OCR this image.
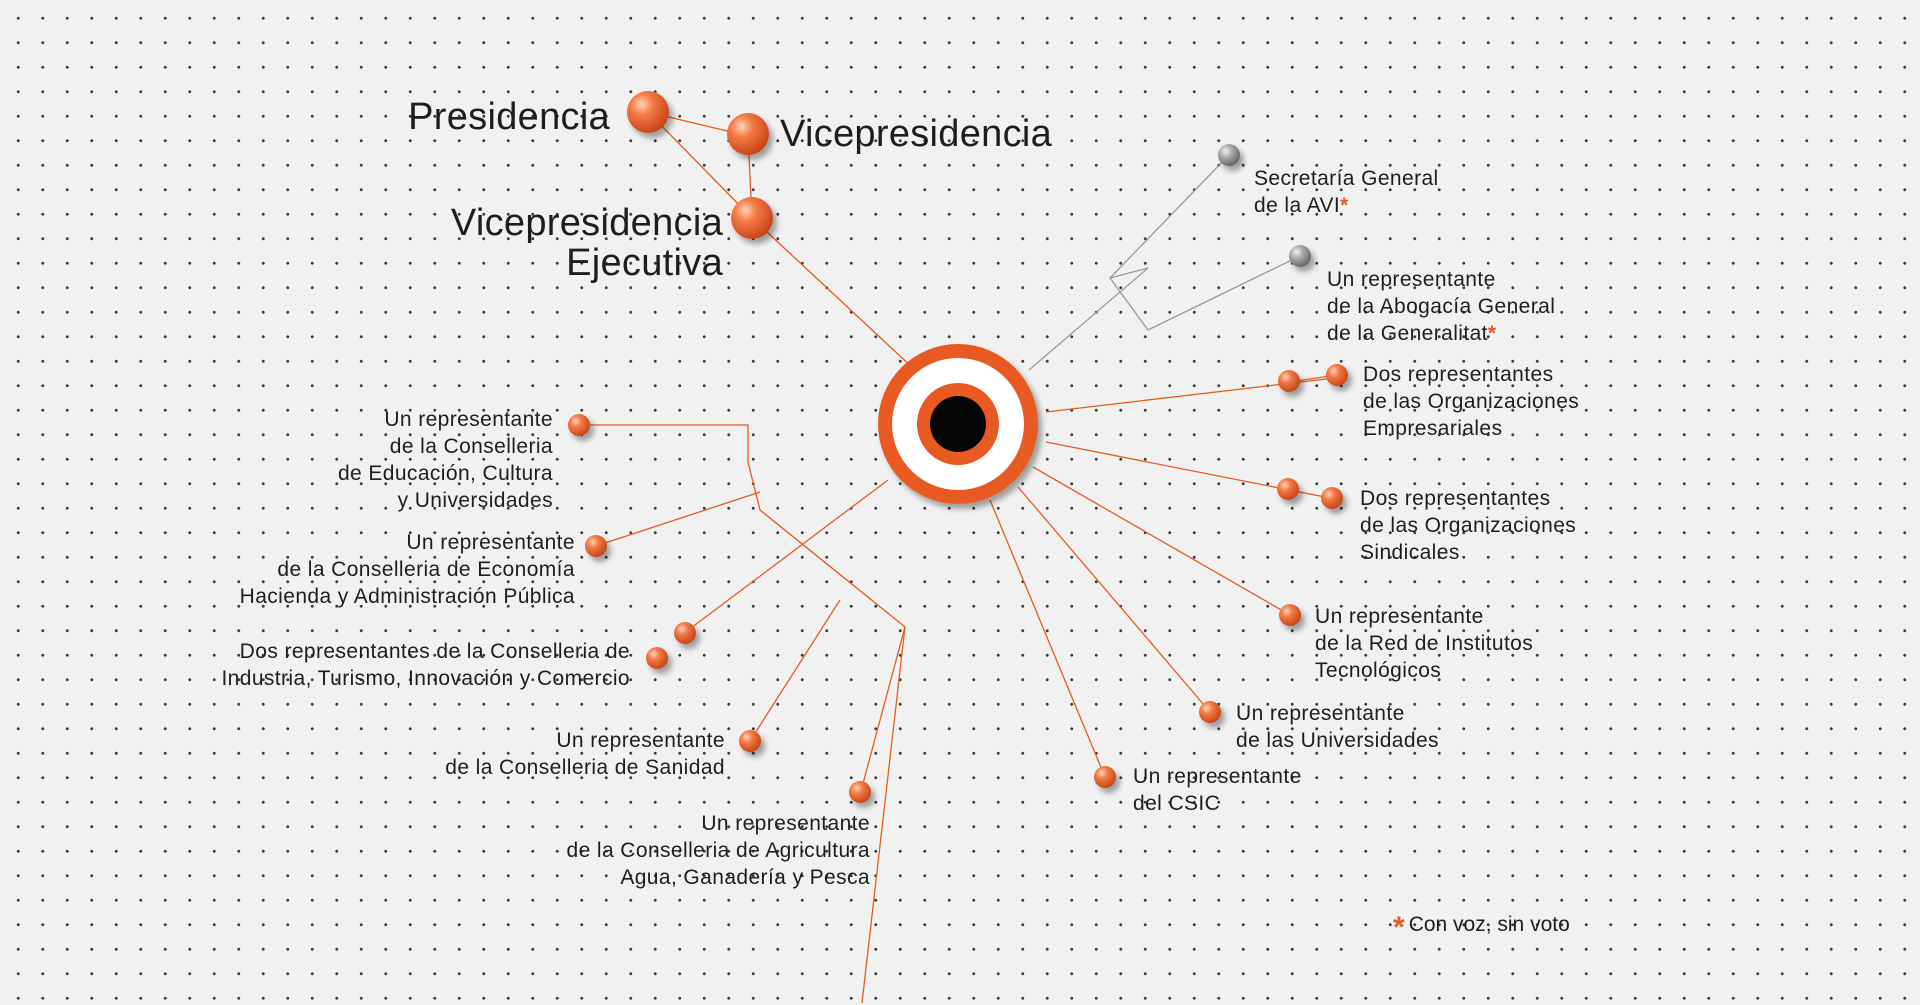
Presidencia	Vicepresidencia
Vicepresidencia
Ejecutiva

Secretaría General
de la AVI*

Un representante
de la Abogacía General
de la Generalitat*

Dos representantes
de las Organizaciones
Empresariales
Dos representantes
de las Organizaciones
Sindicales
Un representante
de la Red de Institutos
Tecnológicos
Un representante
de las Universidades
Un representante
del CSIC
Un representante
de la Conselleria
de Educación, Cultura
y Universidades
Un representante
de la Conselleria de Economía
Hacienda y Administración Pública
Dos representantes de la Conselleria de
Industria, Turismo, Innovación y Comercio
Un representante
de la Conselleria de Sanidad
Un representante
de la Conselleria de Agricultura
Agua, Ganadería y Pesca
* Con voz, sin voto
